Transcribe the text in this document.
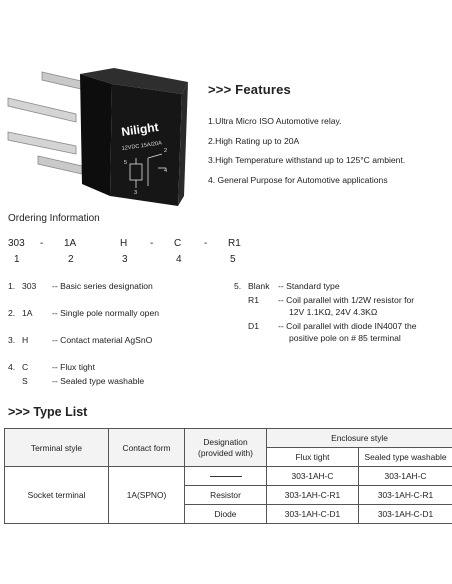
Nilight
12VDC 15A/20A
5
2
4
3
>>> Features
1.Ultra Micro ISO Automotive relay.
2.High Rating up to 20A
3.High Temperature withstand up to 125°C ambient.
4. General Purpose for Automotive applications
Ordering Information
303 - 1A	H - C - R1
1	2	3	4	5
1. 303 -- Basic series designation
2. 1A -- Single pole normally open
3. H	-- Contact material AgSnO
4. C	-- Flux tight
S	-- Sealed type washable
5. Blank -- Standard type
R1 -- Coil parallel with 1/2W resistor for
12V 1.1KΩ, 24V 4.3KΩ
D1 -- Coil parallel with diode IN4007 the
positive pole on # 85 terminal
>>> Type List
Terminal style	Contact form	Designation
(provided with)	Enclosure style	
			Flux tight	Sealed type washable
Socket terminal	1A(SPNO)		303-1AH-C	303-1AH-C
		Resistor	303-1AH-C-R1	303-1AH-C-R1
		Diode	303-1AH-C-D1	303-1AH-C-D1
